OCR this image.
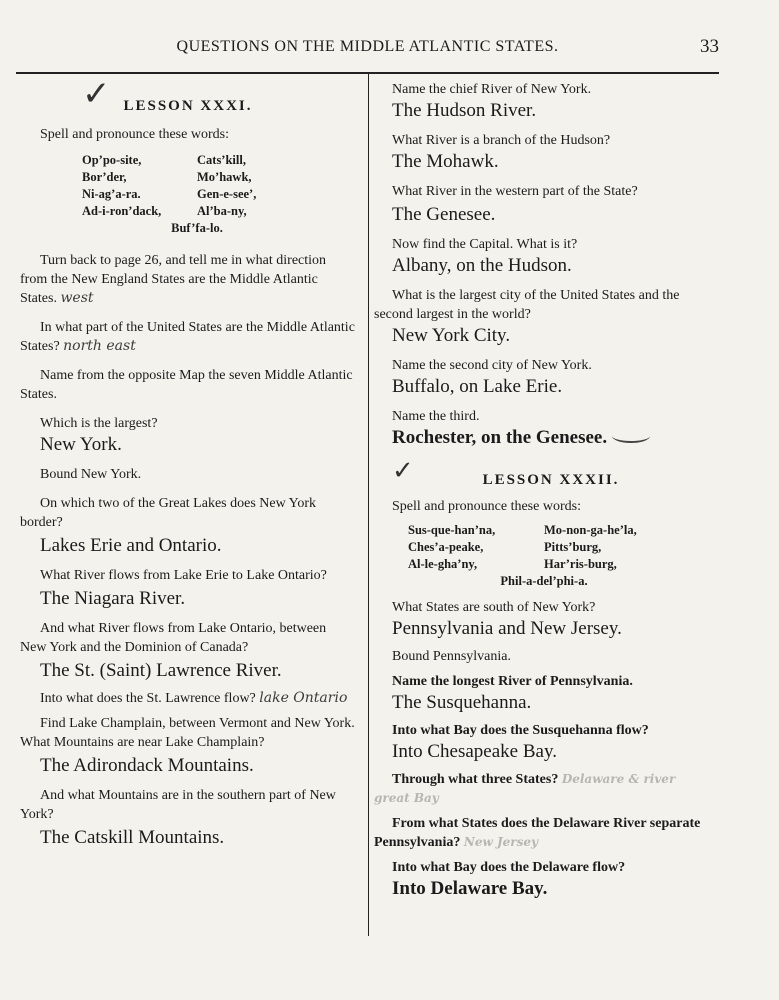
QUESTIONS ON THE MIDDLE ATLANTIC STATES.	33
✓ LESSON XXXI.

Spell and pronounce these words:

Op’po-site,	Cats’kill,
Bor’der,	Mo’hawk,
Ni-ag’a-ra.	Gen-e-see’,
Ad-i-ron’dack,	Al’ba-ny,
Buf’fa-lo.

Turn back to page 26, and tell me in what direction from the New England States are the Middle Atlantic States. west

In what part of the United States are the Middle Atlantic States? north east

Name from the opposite Map the seven Middle Atlantic States.

Which is the largest?

New York.

Bound New York.

On which two of the Great Lakes does New York border?

Lakes Erie and Ontario.

What River flows from Lake Erie to Lake Ontario?

The Niagara River.

And what River flows from Lake Ontario, between New York and the Dominion of Canada?

The St. (Saint) Lawrence River.

Into what does the St. Lawrence flow? lake Ontario

Find Lake Champlain, between Vermont and New York. What Mountains are near Lake Champlain?

The Adirondack Mountains.

And what Mountains are in the southern part of New York?

The Catskill Mountains.

Name the chief River of New York.

The Hudson River.

What River is a branch of the Hudson?

The Mohawk.

What River in the western part of the State?

The Genesee.

Now find the Capital. What is it?

Albany, on the Hudson.

What is the largest city of the United States and the second largest in the world?

New York City.

Name the second city of New York.

Buffalo, on Lake Erie.

Name the third.

Rochester, on the Genesee.

✓	LESSON XXXII.

Spell and pronounce these words:

Sus-que-han’na,	Mo-non-ga-he’la,
Ches’a-peake,	Pitts’burg,
Al-le-gha’ny,	Har’ris-burg,
Phil-a-del’phi-a.

What States are south of New York?

Pennsylvania and New Jersey.

Bound Pennsylvania.

Name the longest River of Pennsylvania.

The Susquehanna.

Into what Bay does the Susquehanna flow?

Into Chesapeake Bay.

Through what three States? Delaware & river great Bay

From what States does the Delaware River separate Pennsylvania? New Jersey

Into what Bay does the Delaware flow?

Into Delaware Bay.
